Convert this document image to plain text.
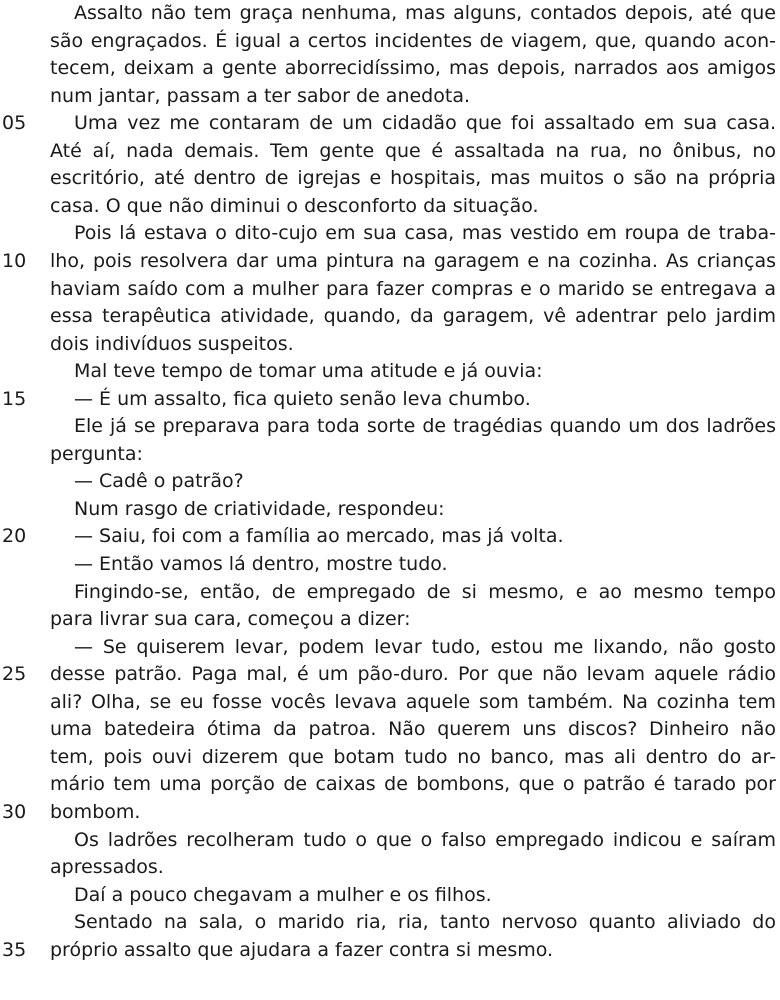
Assalto não tem graça nenhuma, mas alguns, contados depois, até que
são engraçados. É igual a certos incidentes de viagem, que, quando acon-
tecem, deixam a gente aborrecidíssimo, mas depois, narrados aos amigos
num jantar, passam a ter sabor de anedota.
05	Uma vez me contaram de um cidadão que foi assaltado em sua casa.
Até aí, nada demais. Tem gente que é assaltada na rua, no ônibus, no
escritório, até dentro de igrejas e hospitais, mas muitos o são na própria
casa. O que não diminui o desconforto da situação.
Pois lá estava o dito-cujo em sua casa, mas vestido em roupa de traba-
10	lho, pois resolvera dar uma pintura na garagem e na cozinha. As crianças
haviam saído com a mulher para fazer compras e o marido se entregava a
essa terapêutica atividade, quando, da garagem, vê adentrar pelo jardim
dois indivíduos suspeitos.
Mal teve tempo de tomar uma atitude e já ouvia:
15	— É um assalto, fica quieto senão leva chumbo.
Ele já se preparava para toda sorte de tragédias quando um dos ladrões
pergunta:
— Cadê o patrão?
Num rasgo de criatividade, respondeu:
20	— Saiu, foi com a família ao mercado, mas já volta.
— Então vamos lá dentro, mostre tudo.
Fingindo-se, então, de empregado de si mesmo, e ao mesmo tempo
para livrar sua cara, começou a dizer:
— Se quiserem levar, podem levar tudo, estou me lixando, não gosto
25	desse patrão. Paga mal, é um pão-duro. Por que não levam aquele rádio
ali? Olha, se eu fosse vocês levava aquele som também. Na cozinha tem
uma batedeira ótima da patroa. Não querem uns discos? Dinheiro não
tem, pois ouvi dizerem que botam tudo no banco, mas ali dentro do ar-
mário tem uma porção de caixas de bombons, que o patrão é tarado por
30	bombom.
Os ladrões recolheram tudo o que o falso empregado indicou e saíram
apressados.
Daí a pouco chegavam a mulher e os filhos.
Sentado na sala, o marido ria, ria, tanto nervoso quanto aliviado do
35	próprio assalto que ajudara a fazer contra si mesmo.
